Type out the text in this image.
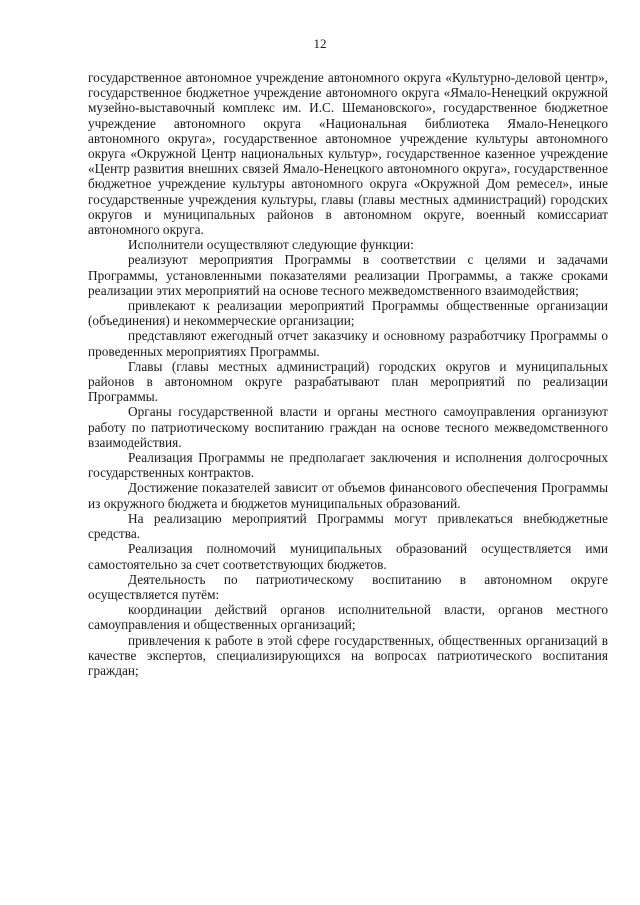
12

государственное автономное учреждение автономного округа «Культурно-деловой центр», государственное бюджетное учреждение автономного округа «Ямало-Ненецкий окружной музейно-выставочный комплекс им. И.С. Шемановского», государственное бюджетное учреждение автономного округа «Национальная библиотека Ямало-Ненецкого автономного округа», государственное автономное учреждение культуры автономного округа «Окружной Центр национальных культур», государственное казенное учреждение «Центр развития внешних связей Ямало-Ненецкого автономного округа», государственное бюджетное учреждение культуры автономного округа «Окружной Дом ремесел», иные государственные учреждения культуры, главы (главы местных администраций) городских округов и муниципальных районов в автономном округе, военный комиссариат автономного округа.

Исполнители осуществляют следующие функции:

реализуют мероприятия Программы в соответствии с целями и задачами Программы, установленными показателями реализации Программы, а также сроками реализации этих мероприятий на основе тесного межведомственного взаимодействия;

привлекают к реализации мероприятий Программы общественные организации (объединения) и некоммерческие организации;

представляют ежегодный отчет заказчику и основному разработчику Программы о проведенных мероприятиях Программы.

Главы (главы местных администраций) городских округов и муниципальных районов в автономном округе разрабатывают план мероприятий по реализации Программы.

Органы государственной власти и органы местного самоуправления организуют работу по патриотическому воспитанию граждан на основе тесного межведомственного взаимодействия.

Реализация Программы не предполагает заключения и исполнения долгосрочных государственных контрактов.

Достижение показателей зависит от объемов финансового обеспечения Программы из окружного бюджета и бюджетов муниципальных образований.

На реализацию мероприятий Программы могут привлекаться внебюджетные средства.

Реализация полномочий муниципальных образований осуществляется ими самостоятельно за счет соответствующих бюджетов.

Деятельность по патриотическому воспитанию в автономном округе осуществляется путём:

координации действий органов исполнительной власти, органов местного самоуправления и общественных организаций;

привлечения к работе в этой сфере государственных, общественных организаций в качестве экспертов, специализирующихся на вопросах патриотического воспитания граждан;
